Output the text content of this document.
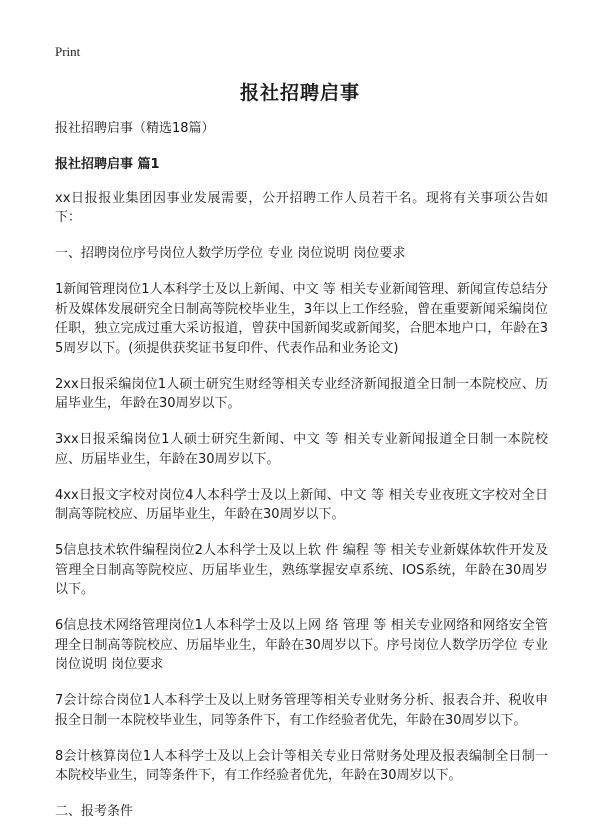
Print
报社招聘启事

报社招聘启事（精选18篇）

报社招聘启事 篇1

xx日报报业集团因事业发展需要，公开招聘工作人员若干名。现将有关事项公告如下：

一、招聘岗位序号岗位人数学历学位 专业 岗位说明 岗位要求

1新闻管理岗位1人本科学士及以上新闻、中文 等 相关专业新闻管理、新闻宣传总结分析及媒体发展研究全日制高等院校毕业生，3年以上工作经验，曾在重要新闻采编岗位任职，独立完成过重大采访报道，曾获中国新闻奖或新闻奖，合肥本地户口，年龄在35周岁以下。(须提供获奖证书复印件、代表作品和业务论文)

2xx日报采编岗位1人硕士研究生财经等相关专业经济新闻报道全日制一本院校应、历届毕业生，年龄在30周岁以下。

3xx日报采编岗位1人硕士研究生新闻、中文 等 相关专业新闻报道全日制一本院校应、历届毕业生，年龄在30周岁以下。

4xx日报文字校对岗位4人本科学士及以上新闻、中文 等 相关专业夜班文字校对全日制高等院校应、历届毕业生，年龄在30周岁以下。

5信息技术软件编程岗位2人本科学士及以上软 件 编程 等 相关专业新媒体软件开发及管理全日制高等院校应、历届毕业生，熟练掌握安卓系统、IOS系统，年龄在30周岁以下。

6信息技术网络管理岗位1人本科学士及以上网 络 管理 等 相关专业网络和网络安全管理全日制高等院校应、历届毕业生，年龄在30周岁以下。序号岗位人数学历学位 专业 岗位说明 岗位要求

7会计综合岗位1人本科学士及以上财务管理等相关专业财务分析、报表合并、税收申报全日制一本院校毕业生，同等条件下，有工作经验者优先，年龄在30周岁以下。

8会计核算岗位1人本科学士及以上会计等相关专业日常财务处理及报表编制全日制一本院校毕业生，同等条件下，有工作经验者优先，年龄在30周岁以下。

二、报考条件
